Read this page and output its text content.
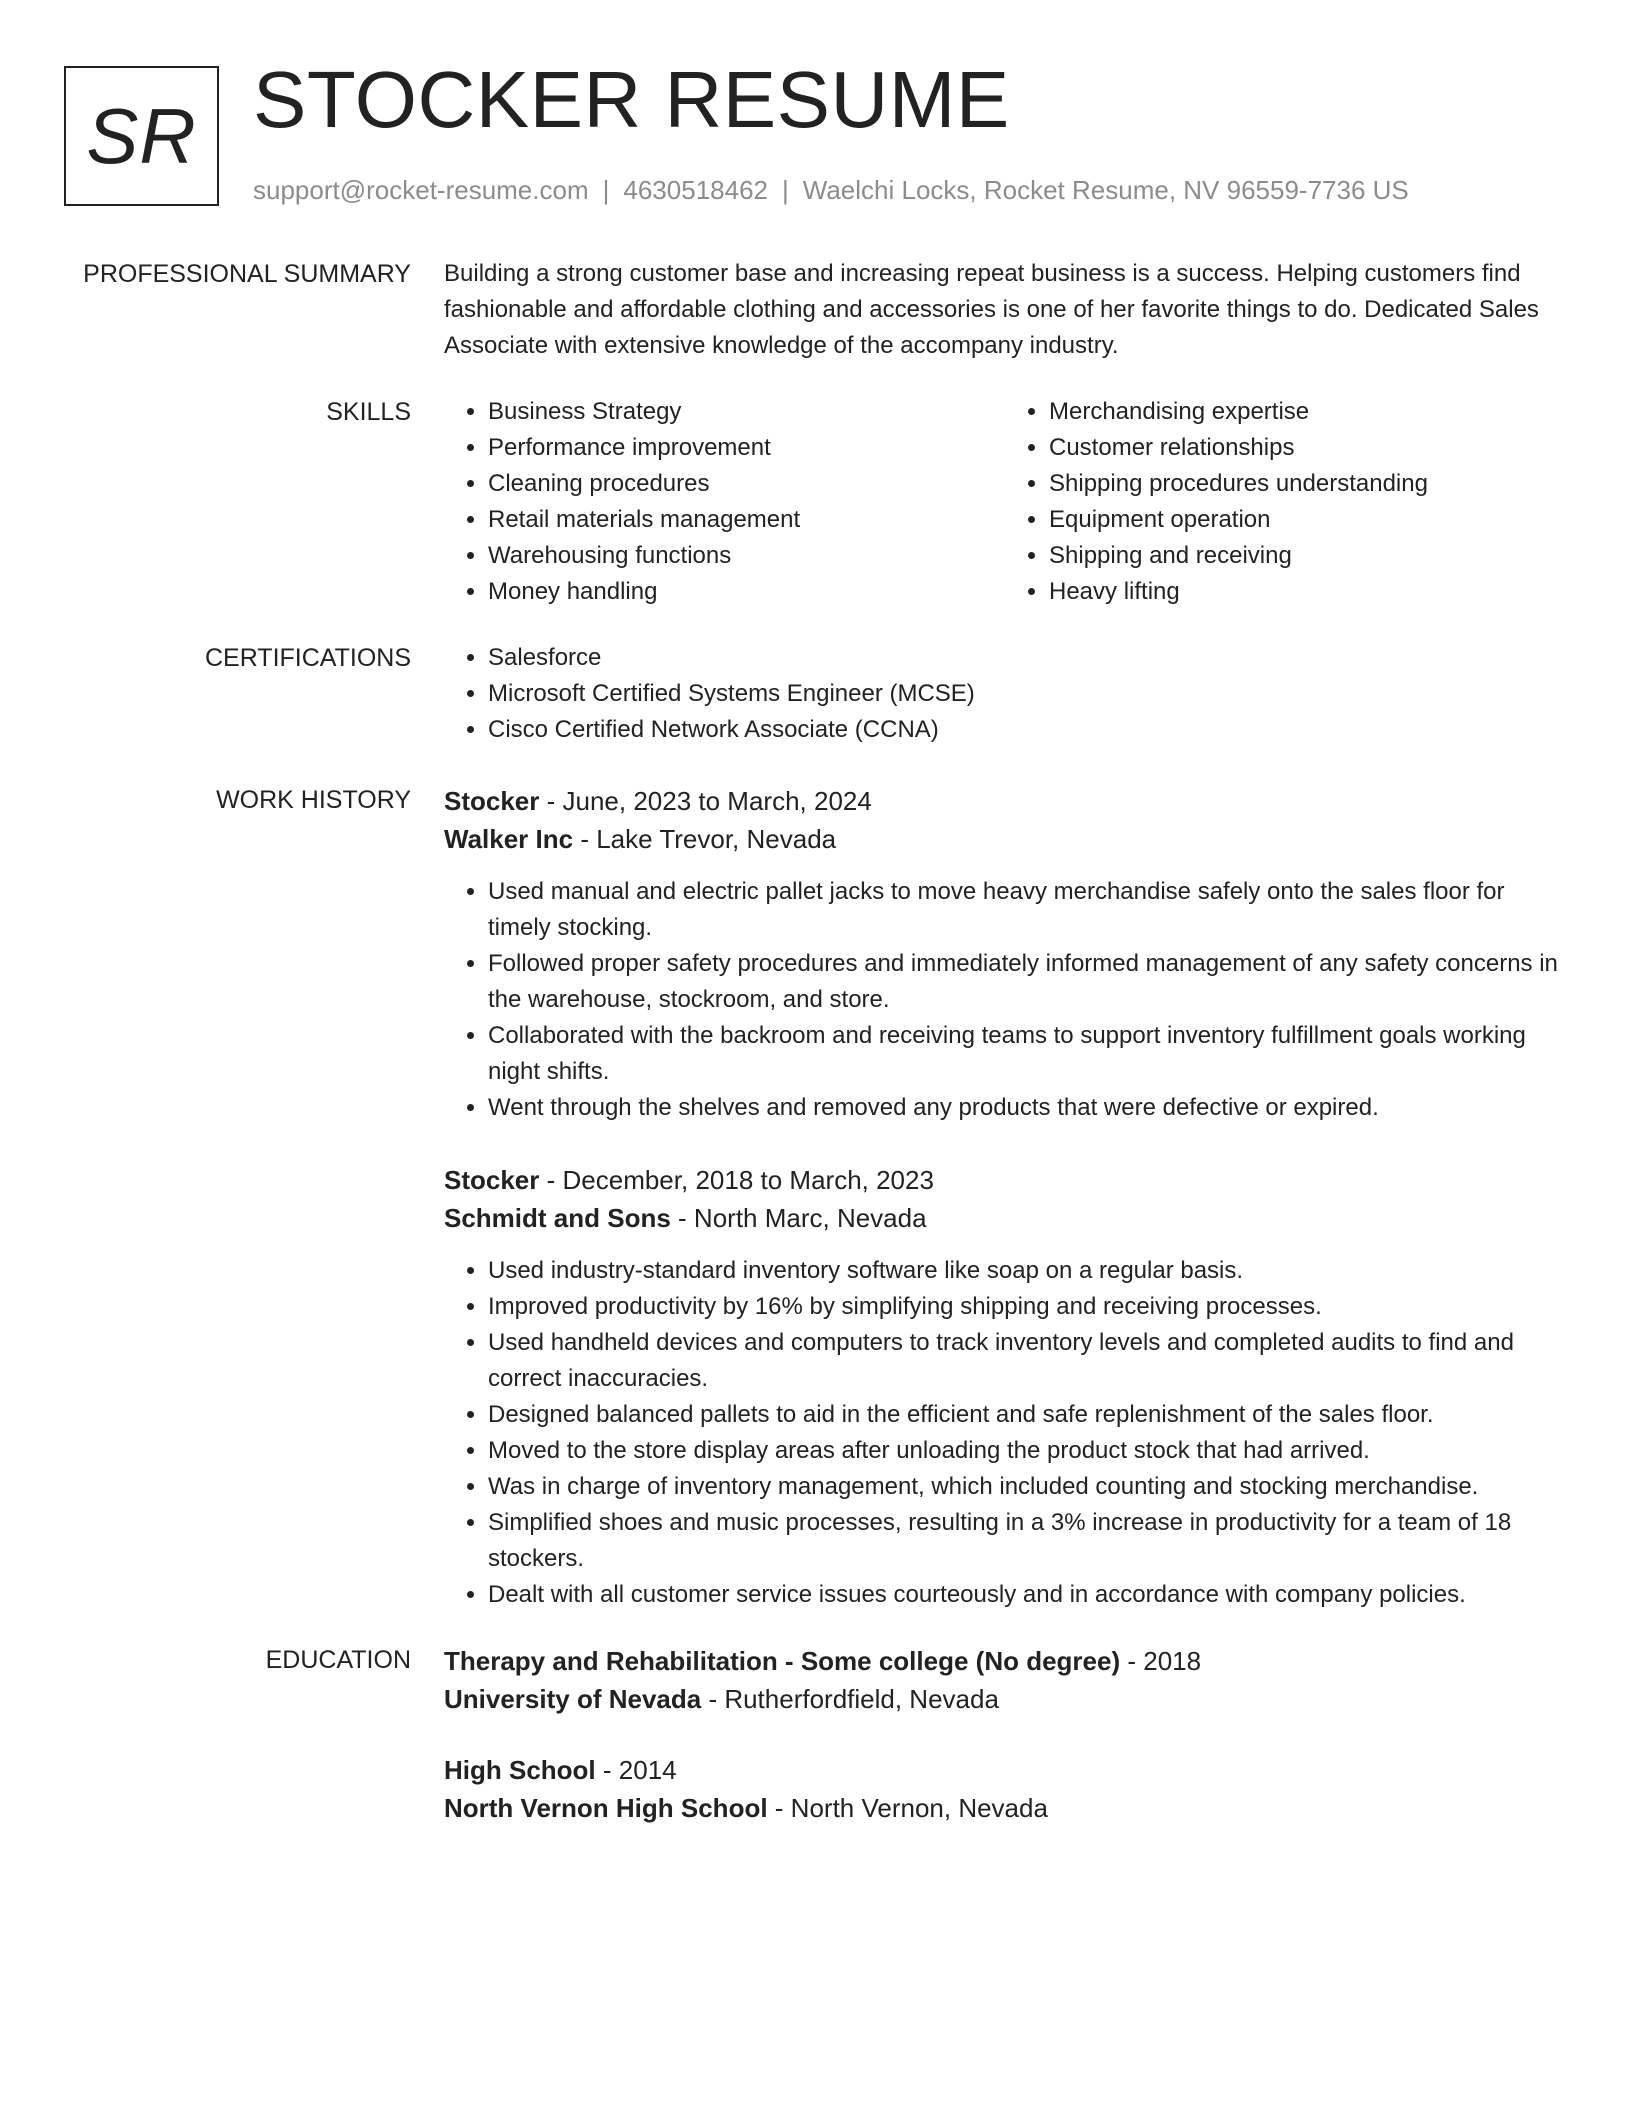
SR STOCKER RESUME
support@rocket-resume.com | 4630518462 | Waelchi Locks, Rocket Resume, NV 96559-7736 US
PROFESSIONAL SUMMARY Building a strong customer base and increasing repeat business is a success. Helping customers find fashionable and affordable clothing and accessories is one of her favorite things to do. Dedicated Sales Associate with extensive knowledge of the accompany industry.

SKILLS	• Business Strategy
• Performance improvement
• Cleaning procedures
• Retail materials management
• Warehousing functions
• Money handling
• Merchandising expertise
• Customer relationships
• Shipping procedures understanding
• Equipment operation
• Shipping and receiving
• Heavy lifting
CERTIFICATIONS	• Salesforce
• Microsoft Certified Systems Engineer (MCSE)
• Cisco Certified Network Associate (CCNA)
WORK HISTORY Stocker - June, 2023 to March, 2024
Walker Inc - Lake Trevor, Nevada
• Used manual and electric pallet jacks to move heavy merchandise safely onto the sales floor for timely stocking.
• Followed proper safety procedures and immediately informed management of any safety concerns in the warehouse, stockroom, and store.
• Collaborated with the backroom and receiving teams to support inventory fulfillment goals working night shifts.
• Went through the shelves and removed any products that were defective or expired.
Stocker - December, 2018 to March, 2023
Schmidt and Sons - North Marc, Nevada
• Used industry-standard inventory software like soap on a regular basis.
• Improved productivity by 16% by simplifying shipping and receiving processes.
• Used handheld devices and computers to track inventory levels and completed audits to find and correct inaccuracies.
• Designed balanced pallets to aid in the efficient and safe replenishment of the sales floor.
• Moved to the store display areas after unloading the product stock that had arrived.
• Was in charge of inventory management, which included counting and stocking merchandise.
• Simplified shoes and music processes, resulting in a 3% increase in productivity for a team of 18 stockers.
• Dealt with all customer service issues courteously and in accordance with company policies.
EDUCATION Therapy and Rehabilitation - Some college (No degree) - 2018
University of Nevada - Rutherfordfield, Nevada
High School - 2014
North Vernon High School - North Vernon, Nevada
